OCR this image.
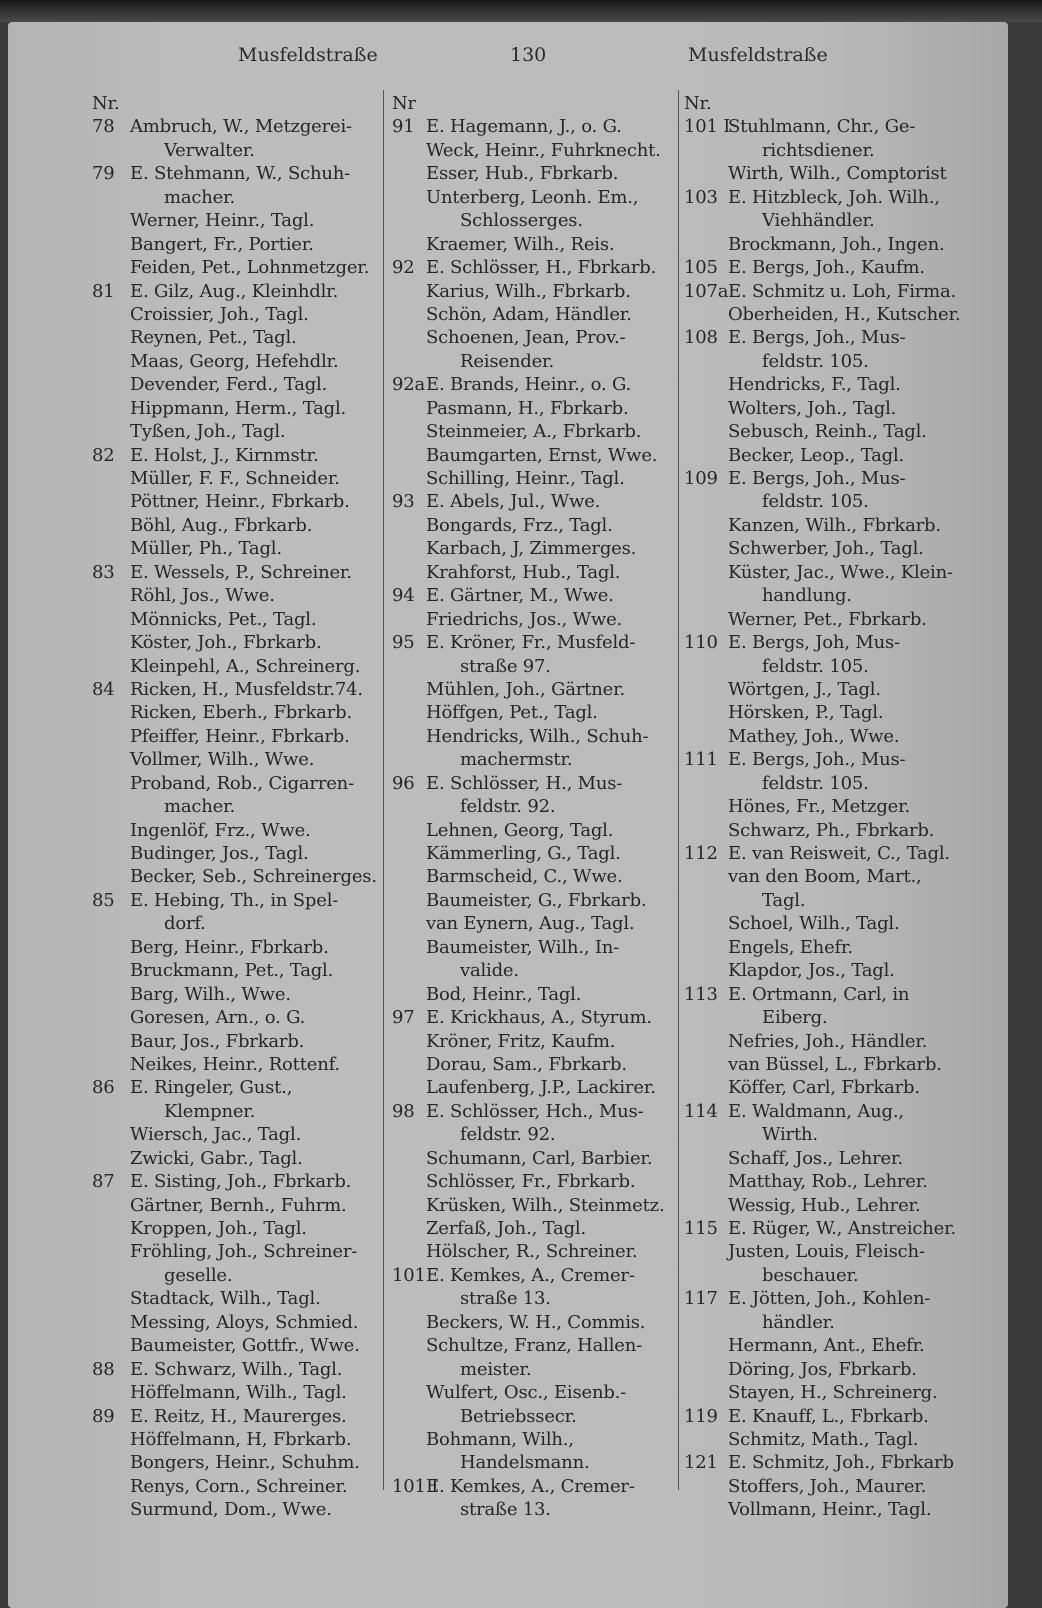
Musfeldstraße	130	Musfeldstraße
Nr.
78 Ambruch, W., Metzgerei-
Verwalter.
79 E. Stehmann, W., Schuh-
macher.
Werner, Heinr., Tagl.
Bangert, Fr., Portier.
Feiden, Pet., Lohnmetzger.
81 E. Gilz, Aug., Kleinhdlr.
Croissier, Joh., Tagl.
Reynen, Pet., Tagl.
Maas, Georg, Hefehdlr.
Devender, Ferd., Tagl.
Hippmann, Herm., Tagl.
Tyßen, Joh., Tagl.
82 E. Holst, J., Kirnmstr.
Müller, F. F., Schneider.
Pöttner, Heinr., Fbrkarb.
Böhl, Aug., Fbrkarb.
Müller, Ph., Tagl.
83 E. Wessels, P., Schreiner.
Röhl, Jos., Wwe.
Mönnicks, Pet., Tagl.
Köster, Joh., Fbrkarb.
Kleinpehl, A., Schreinerg.
84 Ricken, H., Musfeldstr.74.
Ricken, Eberh., Fbrkarb.
Pfeiffer, Heinr., Fbrkarb.
Vollmer, Wilh., Wwe.
Proband, Rob., Cigarren-
macher.
Ingenlöf, Frz., Wwe.
Budinger, Jos., Tagl.
Becker, Seb., Schreinerges.
85 E. Hebing, Th., in Spel-
dorf.
Berg, Heinr., Fbrkarb.
Bruckmann, Pet., Tagl.
Barg, Wilh., Wwe.
Goresen, Arn., o. G.
Baur, Jos., Fbrkarb.
Neikes, Heinr., Rottenf.
86 E. Ringeler, Gust.,
Klempner.
Wiersch, Jac., Tagl.
Zwicki, Gabr., Tagl.
87 E. Sisting, Joh., Fbrkarb.
Gärtner, Bernh., Fuhrm.
Kroppen, Joh., Tagl.
Fröhling, Joh., Schreiner-
geselle.
Stadtack, Wilh., Tagl.
Messing, Aloys, Schmied.
Baumeister, Gottfr., Wwe.
88 E. Schwarz, Wilh., Tagl.
Höffelmann, Wilh., Tagl.
89 E. Reitz, H., Maurerges.
Höffelmann, H, Fbrkarb.
Bongers, Heinr., Schuhm.
Renys, Corn., Schreiner.
Surmund, Dom., Wwe.
Nr
91 E. Hagemann, J., o. G.
Weck, Heinr., Fuhrknecht.
Esser, Hub., Fbrkarb.
Unterberg, Leonh. Em.,
Schlosserges.
Kraemer, Wilh., Reis.
92 E. Schlösser, H., Fbrkarb.
Karius, Wilh., Fbrkarb.
Schön, Adam, Händler.
Schoenen, Jean, Prov.-
Reisender.
92a E. Brands, Heinr., o. G.
Pasmann, H., Fbrkarb.
Steinmeier, A., Fbrkarb.
Baumgarten, Ernst, Wwe.
Schilling, Heinr., Tagl.
93 E. Abels, Jul., Wwe.
Bongards, Frz., Tagl.
Karbach, J, Zimmerges.
Krahforst, Hub., Tagl.
94 E. Gärtner, M., Wwe.
Friedrichs, Jos., Wwe.
95 E. Kröner, Fr., Musfeld-
straße 97.
Mühlen, Joh., Gärtner.
Höffgen, Pet., Tagl.
Hendricks, Wilh., Schuh-
machermstr.
96 E. Schlösser, H., Mus-
feldstr. 92.
Lehnen, Georg, Tagl.
Kämmerling, G., Tagl.
Barmscheid, C., Wwe.
Baumeister, G., Fbrkarb.
van Eynern, Aug., Tagl.
Baumeister, Wilh., In-
valide.
Bod, Heinr., Tagl.
97 E. Krickhaus, A., Styrum.
Kröner, Fritz, Kaufm.
Dorau, Sam., Fbrkarb.
Laufenberg, J.P., Lackirer.
98 E. Schlösser, Hch., Mus-
feldstr. 92.
Schumann, Carl, Barbier.
Schlösser, Fr., Fbrkarb.
Krüsken, Wilh., Steinmetz.
Zerfaß, Joh., Tagl.
Hölscher, R., Schreiner.
101 E. Kemkes, A., Cremer-
straße 13.
Beckers, W. H., Commis.
Schultze, Franz, Hallen-
meister.
Wulfert, Osc., Eisenb.-
Betriebssecr.
Bohmann, Wilh.,
Handelsmann.
101 I
E. Kemkes, A., Cremer-
straße 13.
Nr.
101 I
Stuhlmann, Chr., Ge-
richtsdiener.
Wirth, Wilh., Comptorist
103 E. Hitzbleck, Joh. Wilh.,
Viehhändler.
Brockmann, Joh., Ingen.
105 E. Bergs, Joh., Kaufm.
107a E. Schmitz u. Loh, Firma.
Oberheiden, H., Kutscher.
108 E. Bergs, Joh., Mus-
feldstr. 105.
Hendricks, F., Tagl.
Wolters, Joh., Tagl.
Sebusch, Reinh., Tagl.
Becker, Leop., Tagl.
109 E. Bergs, Joh., Mus-
feldstr. 105.
Kanzen, Wilh., Fbrkarb.
Schwerber, Joh., Tagl.
Küster, Jac., Wwe., Klein-
handlung.
Werner, Pet., Fbrkarb.
110 E. Bergs, Joh, Mus-
feldstr. 105.
Wörtgen, J., Tagl.
Hörsken, P., Tagl.
Mathey, Joh., Wwe.
111 E. Bergs, Joh., Mus-
feldstr. 105.
Hönes, Fr., Metzger.
Schwarz, Ph., Fbrkarb.
112 E. van Reisweit, C., Tagl.
van den Boom, Mart.,
Tagl.
Schoel, Wilh., Tagl.
Engels, Ehefr.
Klapdor, Jos., Tagl.
113 E. Ortmann, Carl, in
Eiberg.
Nefries, Joh., Händler.
van Büssel, L., Fbrkarb.
Köffer, Carl, Fbrkarb.
114 E. Waldmann, Aug.,
Wirth.
Schaff, Jos., Lehrer.
Matthay, Rob., Lehrer.
Wessig, Hub., Lehrer.
115 E. Rüger, W., Anstreicher.
Justen, Louis, Fleisch-
beschauer.
117 E. Jötten, Joh., Kohlen-
händler.
Hermann, Ant., Ehefr.
Döring, Jos, Fbrkarb.
Stayen, H., Schreinerg.
119 E. Knauff, L., Fbrkarb.
Schmitz, Math., Tagl.
121 E. Schmitz, Joh., Fbrkarb
Stoffers, Joh., Maurer.
Vollmann, Heinr., Tagl.
